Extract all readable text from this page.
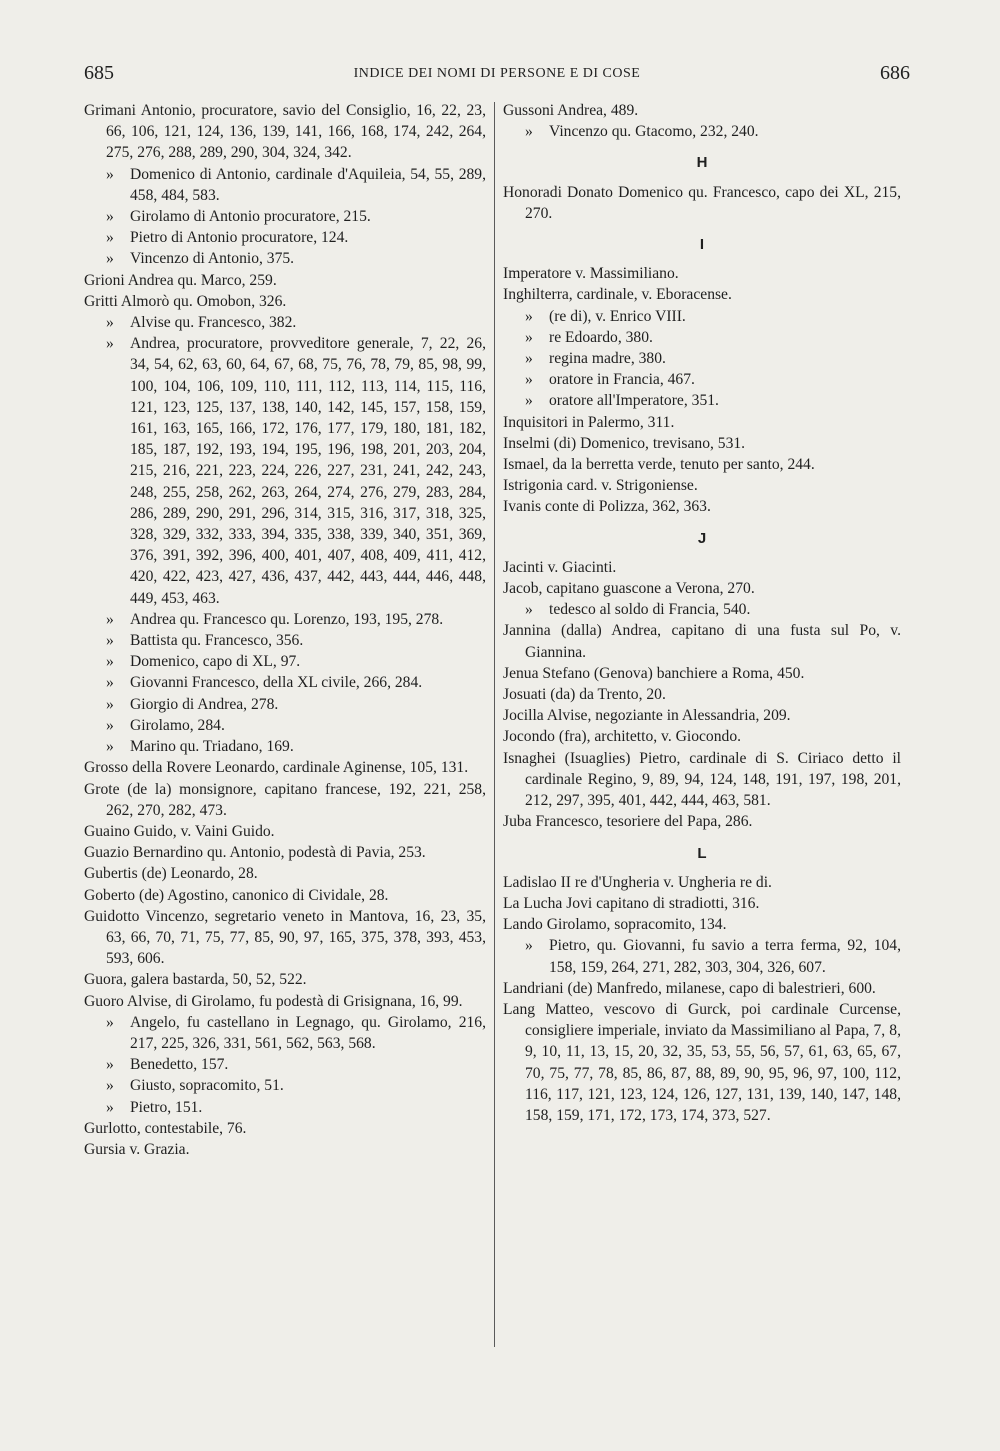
685	INDICE DEI NOMI DI PERSONE E DI COSE	686
Grimani Antonio, procuratore, savio del Consiglio, 16, 22, 23, 66, 106, 121, 124, 136, 139, 141, 166, 168, 174, 242, 264, 275, 276, 288, 289, 290, 304, 324, 342.
» Domenico di Antonio, cardinale d'Aquileia, 54, 55, 289, 458, 484, 583.
» Girolamo di Antonio procuratore, 215.
» Pietro di Antonio procuratore, 124.
» Vincenzo di Antonio, 375.
Grioni Andrea qu. Marco, 259.
Gritti Almorò qu. Omobon, 326.
» Alvise qu. Francesco, 382.
» Andrea, procuratore, provveditore generale, 7, 22, 26, 34, 54, 62, 63, 60, 64, 67, 68, 75, 76, 78, 79, 85, 98, 99, 100, 104, 106, 109, 110, 111, 112, 113, 114, 115, 116, 121, 123, 125, 137, 138, 140, 142, 145, 157, 158, 159, 161, 163, 165, 166, 172, 176, 177, 179, 180, 181, 182, 185, 187, 192, 193, 194, 195, 196, 198, 201, 203, 204, 215, 216, 221, 223, 224, 226, 227, 231, 241, 242, 243, 248, 255, 258, 262, 263, 264, 274, 276, 279, 283, 284, 286, 289, 290, 291, 296, 314, 315, 316, 317, 318, 325, 328, 329, 332, 333, 394, 335, 338, 339, 340, 351, 369, 376, 391, 392, 396, 400, 401, 407, 408, 409, 411, 412, 420, 422, 423, 427, 436, 437, 442, 443, 444, 446, 448, 449, 453, 463.
» Andrea qu. Francesco qu. Lorenzo, 193, 195, 278.
» Battista qu. Francesco, 356.
» Domenico, capo di XL, 97.
» Giovanni Francesco, della XL civile, 266, 284.
» Giorgio di Andrea, 278.
» Girolamo, 284.
» Marino qu. Triadano, 169.
Grosso della Rovere Leonardo, cardinale Aginense, 105, 131.
Grote (de la) monsignore, capitano francese, 192, 221, 258, 262, 270, 282, 473.
Guaino Guido, v. Vaini Guido.
Guazio Bernardino qu. Antonio, podestà di Pavia, 253.
Gubertis (de) Leonardo, 28.
Goberto (de) Agostino, canonico di Cividale, 28.
Guidotto Vincenzo, segretario veneto in Mantova, 16, 23, 35, 63, 66, 70, 71, 75, 77, 85, 90, 97, 165, 375, 378, 393, 453, 593, 606.
Guora, galera bastarda, 50, 52, 522.
Guoro Alvise, di Girolamo, fu podestà di Grisignana, 16, 99.
» Angelo, fu castellano in Legnago, qu. Girolamo, 216, 217, 225, 326, 331, 561, 562, 563, 568.
» Benedetto, 157.
» Giusto, sopracomito, 51.
» Pietro, 151.
Gurlotto, contestabile, 76.
Gursia v. Grazia.
Gussoni Andrea, 489.
» Vincenzo qu. Gtacomo, 232, 240.
H
Honoradi Donato Domenico qu. Francesco, capo dei XL, 215, 270.
I
Imperatore v. Massimiliano.
Inghilterra, cardinale, v. Eboracense.
» (re di), v. Enrico VIII.
» re Edoardo, 380.
» regina madre, 380.
» oratore in Francia, 467.
» oratore all'Imperatore, 351.
Inquisitori in Palermo, 311.
Inselmi (di) Domenico, trevisano, 531.
Ismael, da la berretta verde, tenuto per santo, 244.
Istrigonia card. v. Strigoniense.
Ivanis conte di Polizza, 362, 363.
J
Jacinti v. Giacinti.
Jacob, capitano guascone a Verona, 270.
» tedesco al soldo di Francia, 540.
Jannina (dalla) Andrea, capitano di una fusta sul Po, v. Giannina.
Jenua Stefano (Genova) banchiere a Roma, 450.
Josuati (da) da Trento, 20.
Jocilla Alvise, negoziante in Alessandria, 209.
Jocondo (fra), architetto, v. Giocondo.
Isnaghei (Isuaglies) Pietro, cardinale di S. Ciriaco detto il cardinale Regino, 9, 89, 94, 124, 148, 191, 197, 198, 201, 212, 297, 395, 401, 442, 444, 463, 581.
Juba Francesco, tesoriere del Papa, 286.
L
Ladislao II re d'Ungheria v. Ungheria re di.
La Lucha Jovi capitano di stradiotti, 316.
Lando Girolamo, sopracomito, 134.
» Pietro, qu. Giovanni, fu savio a terra ferma, 92, 104, 158, 159, 264, 271, 282, 303, 304, 326, 607.
Landriani (de) Manfredo, milanese, capo di balestrieri, 600.
Lang Matteo, vescovo di Gurck, poi cardinale Curcense, consigliere imperiale, inviato da Massimiliano al Papa, 7, 8, 9, 10, 11, 13, 15, 20, 32, 35, 53, 55, 56, 57, 61, 63, 65, 67, 70, 75, 77, 78, 85, 86, 87, 88, 89, 90, 95, 96, 97, 100, 112, 116, 117, 121, 123, 124, 126, 127, 131, 139, 140, 147, 148, 158, 159, 171, 172, 173, 174, 373, 527.
